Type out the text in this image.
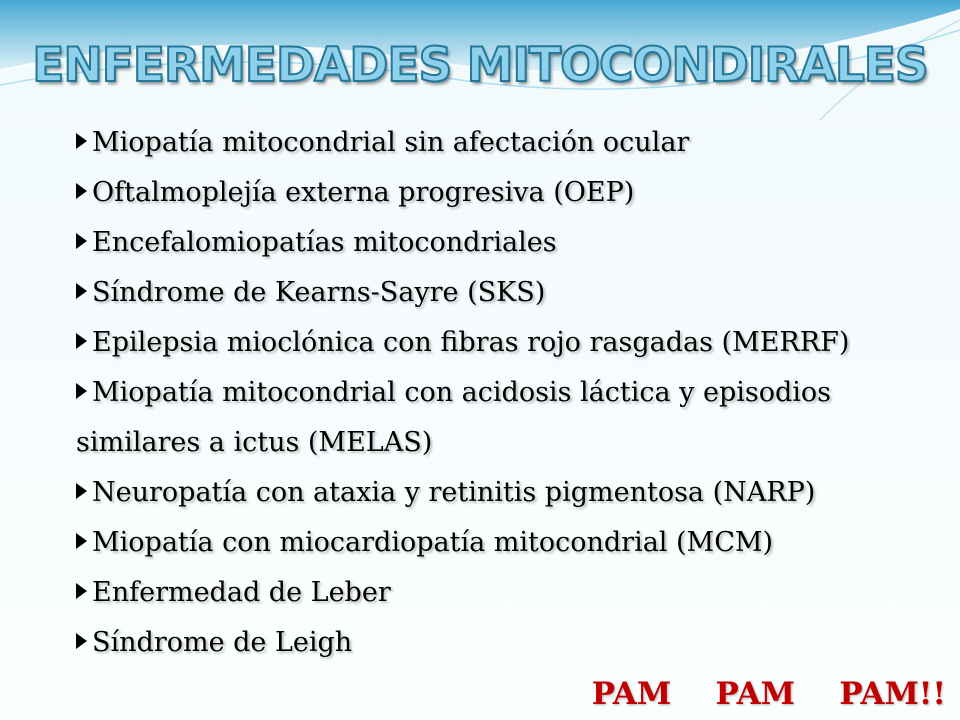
ENFERMEDADES MITOCONDIRALES
Miopatía mitocondrial sin afectación ocular
Oftalmoplejía externa progresiva (OEP)
Encefalomiopatías mitocondriales
Síndrome de Kearns-Sayre (SKS)
Epilepsia mioclónica con fibras rojo rasgadas (MERRF)
Miopatía mitocondrial con acidosis láctica y episodios
similares a ictus (MELAS)
Neuropatía con ataxia y retinitis pigmentosa (NARP)
Miopatía con miocardiopatía mitocondrial (MCM)
Enfermedad de Leber
Síndrome de Leigh
PAM   PAM   PAM!!
